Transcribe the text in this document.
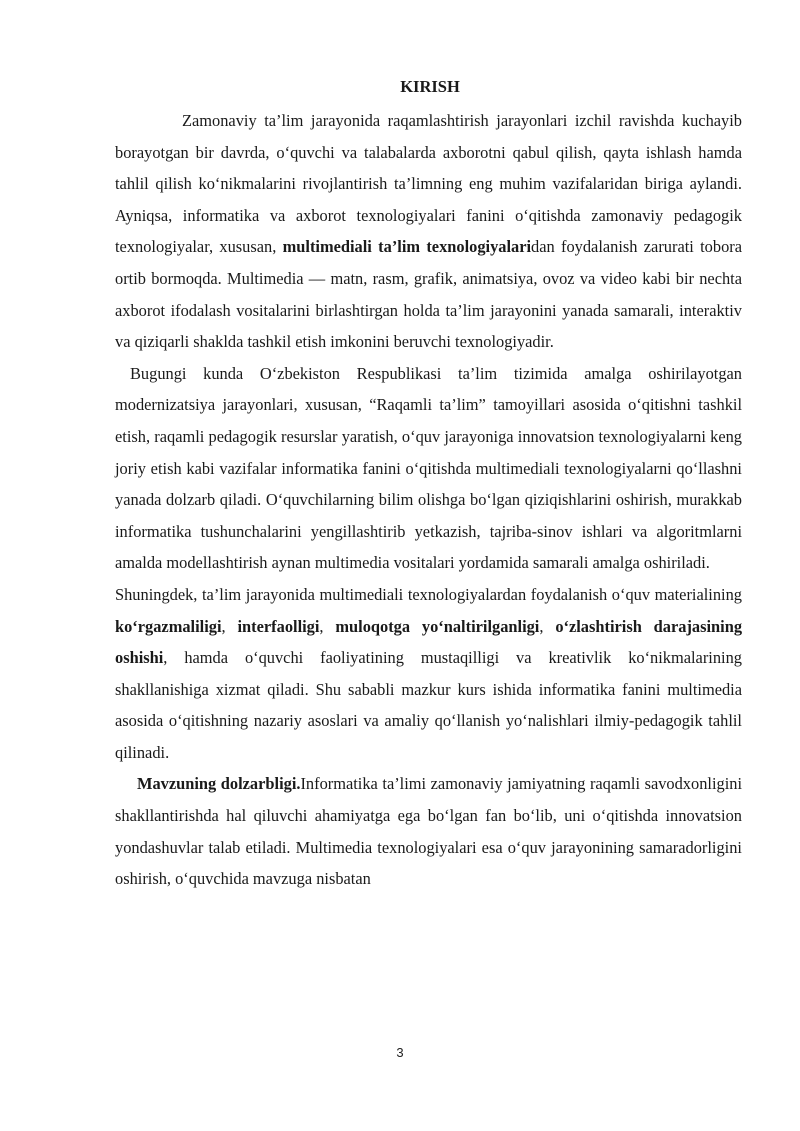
KIRISH

Zamonaviy ta’lim jarayonida raqamlashtirish jarayonlari izchil ravishda kuchayib borayotgan bir davrda, o‘quvchi va talabalarda axborotni qabul qilish, qayta ishlash hamda tahlil qilish ko‘nikmalarini rivojlantirish ta’limning eng muhim vazifalaridan biriga aylandi. Ayniqsa, informatika va axborot texnologiyalari fanini o‘qitishda zamonaviy pedagogik texnologiyalar, xususan, multimediali ta’lim texnologiyalaridan foydalanish zarurati tobora ortib bormoqda. Multimedia — matn, rasm, grafik, animatsiya, ovoz va video kabi bir nechta axborot ifodalash vositalarini birlashtirgan holda ta’lim jarayonini yanada samarali, interaktiv va qiziqarli shaklda tashkil etish imkonini beruvchi texnologiyadir.

Bugungi kunda O‘zbekiston Respublikasi ta’lim tizimida amalga oshirilayotgan modernizatsiya jarayonlari, xususan, “Raqamli ta’lim” tamoyillari asosida o‘qitishni tashkil etish, raqamli pedagogik resurslar yaratish, o‘quv jarayoniga innovatsion texnologiyalarni keng joriy etish kabi vazifalar informatika fanini o‘qitishda multimediali texnologiyalarni qo‘llashni yanada dolzarb qiladi. O‘quvchilarning bilim olishga bo‘lgan qiziqishlarini oshirish, murakkab informatika tushunchalarini yengillashtirib yetkazish, tajriba-sinov ishlari va algoritmlarni amalda modellashtirish aynan multimedia vositalari yordamida samarali amalga oshiriladi.

Shuningdek, ta’lim jarayonida multimediali texnologiyalardan foydalanish o‘quv materialining ko‘rgazmaliligi, interfaolligi, muloqotga yo‘naltirilganligi, o‘zlashtirish darajasining oshishi, hamda o‘quvchi faoliyatining mustaqilligi va kreativlik ko‘nikmalarining shakllanishiga xizmat qiladi. Shu sababli mazkur kurs ishida informatika fanini multimedia asosida o‘qitishning nazariy asoslari va amaliy qo‘llanish yo‘nalishlari ilmiy-pedagogik tahlil qilinadi.

Mavzuning dolzarbligi.Informatika ta’limi zamonaviy jamiyatning raqamli savodxonligini shakllantirishda hal qiluvchi ahamiyatga ega bo‘lgan fan bo‘lib, uni o‘qitishda innovatsion yondashuvlar talab etiladi. Multimedia texnologiyalari esa o‘quv jarayonining samaradorligini oshirish, o‘quvchida mavzuga nisbatan

3
